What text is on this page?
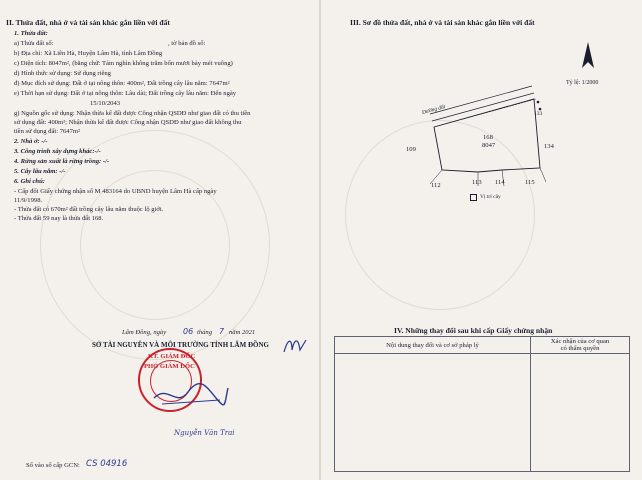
II. Thửa đất, nhà ở và tài sản khác gắn liền với đất
1. Thửa đất:
a) Thửa đất số:	, tờ bản đồ số:
b) Địa chỉ: Xã Liên Hà, Huyện Lâm Hà, tỉnh Lâm Đồng
c) Diện tích: 8047m², (bằng chữ: Tám nghìn không trăm bốn mươi bảy mét vuông)
d) Hình thức sử dụng: Sử dụng riêng
đ) Mục đích sử dụng: Đất ở tại nông thôn: 400m², Đất trồng cây lâu năm: 7647m²
e) Thời hạn sử dụng: Đất ở tại nông thôn: Lâu dài; Đất trồng cây lâu năm: Đến ngày
15/10/2043
g) Nguồn gốc sử dụng: Nhận thừa kế đất được Công nhận QSDĐ như giao đất có thu tiền
sử dụng đất: 400m²; Nhận thừa kế đất được Công nhận QSDĐ như giao đất không thu
tiền sử dụng đất: 7647m²
2. Nhà ở: -/-
3. Công trình xây dựng khác:-/-
4. Rừng sản xuất là rừng trồng: -/-
5. Cây lâu năm: -/-
6. Ghi chú:
- Cấp đổi Giấy chứng nhận số M 483164 do UBND huyện Lâm Hà cấp ngày
11/9/1998.
- Thửa đất có 670m² đất trồng cây lâu năm thuộc lộ giới.
- Thửa đất 59 nay là thửa đất 168.
Lâm Đồng, ngày 06 tháng 7 năm 2021
SỞ TÀI NGUYÊN VÀ MÔI TRƯỜNG TỈNH LÂM ĐỒNG
KT. GIÁM ĐỐC
PHÓ GIÁM ĐỐC
Nguyễn Văn Trai
Số vào sổ cấp GCN: CS 04916
III. Sơ đồ thửa đất, nhà ở và tài sản khác gắn liền với đất
Tỷ lệ: 1/2000
Đường đất
168
8047
109	134
133
112	113 114	115
Vị trí cây
IV. Những thay đổi sau khi cấp Giấy chứng nhận
Nội dung thay đổi và cơ sở pháp lý	Xác nhận của cơ quan
có thẩm quyền
